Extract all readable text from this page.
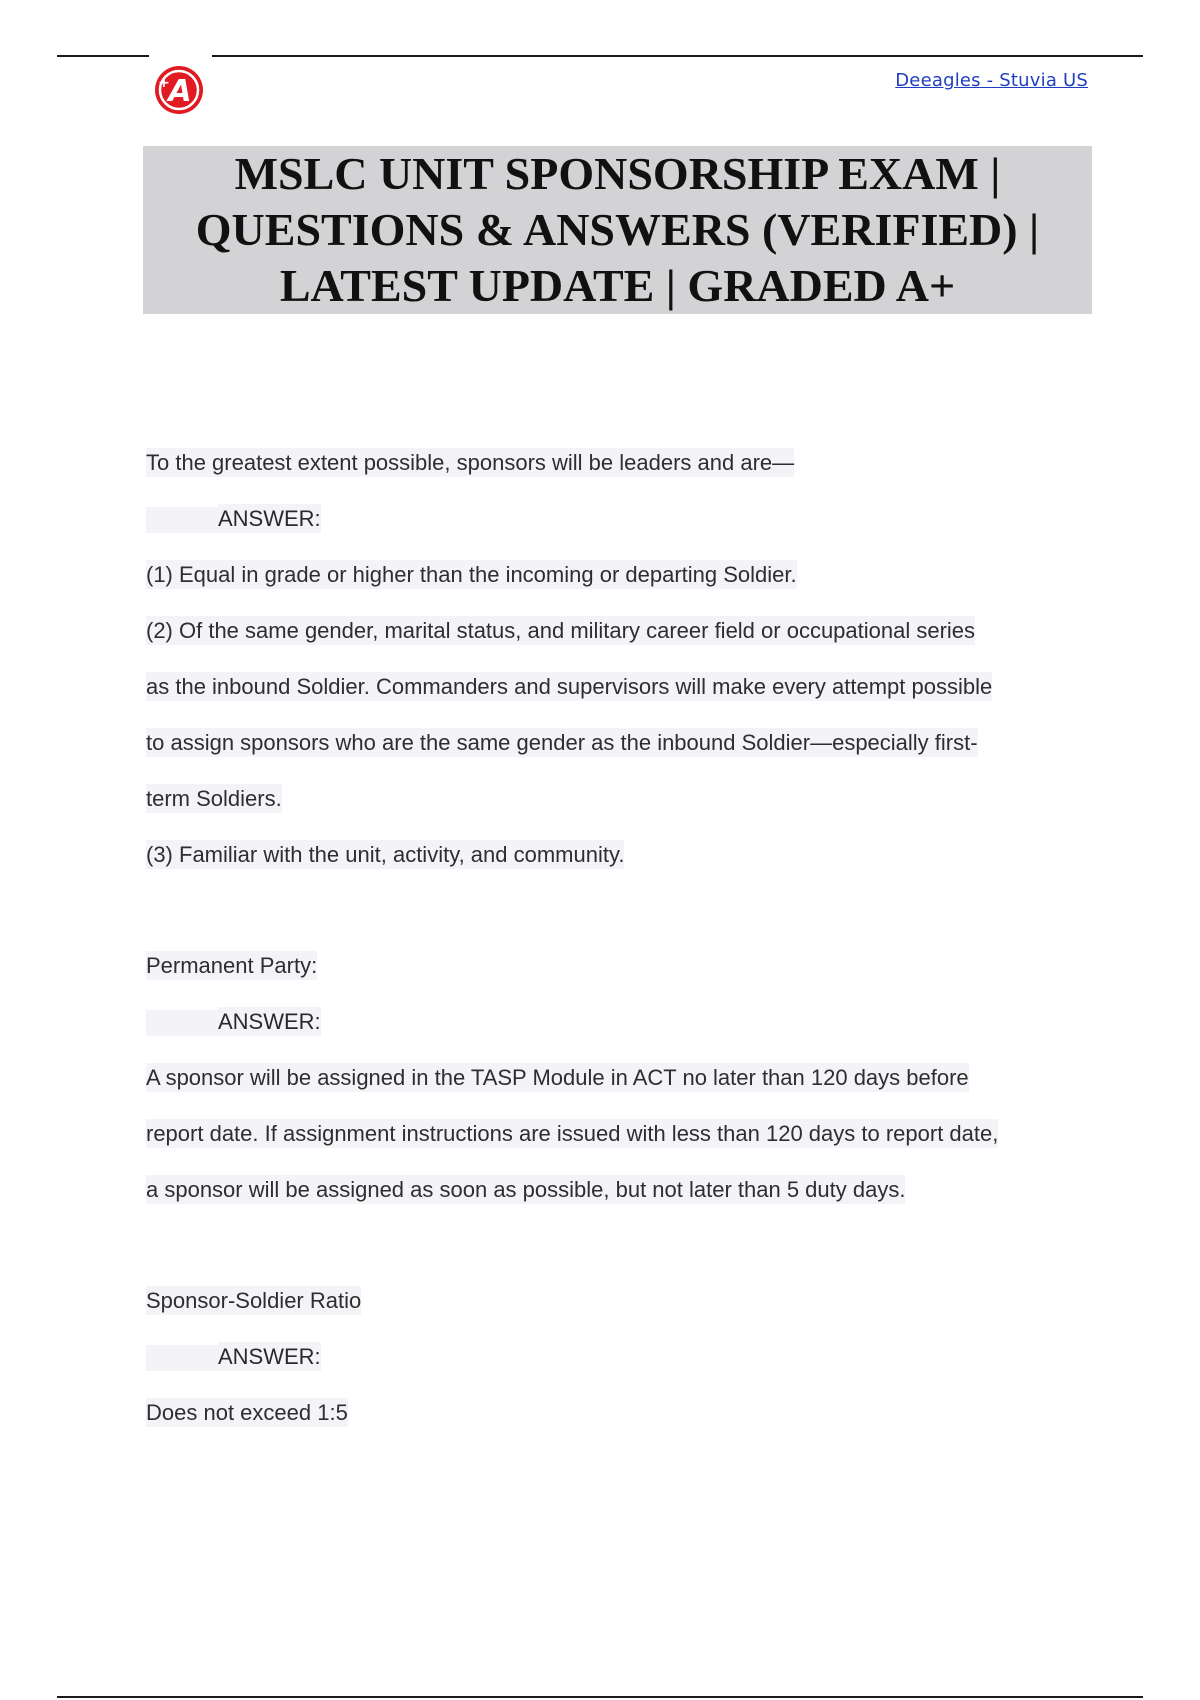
A
+	Deeagles - Stuvia US
MSLC UNIT SPONSORSHIP EXAM |
QUESTIONS & ANSWERS (VERIFIED) |
LATEST UPDATE | GRADED A+

To the greatest extent possible, sponsors will be leaders and are—

ANSWER:

(1) Equal in grade or higher than the incoming or departing Soldier.

(2) Of the same gender, marital status, and military career field or occupational series

as the inbound Soldier. Commanders and supervisors will make every attempt possible

to assign sponsors who are the same gender as the inbound Soldier—especially first-

term Soldiers.

(3) Familiar with the unit, activity, and community.

Permanent Party:

ANSWER:

A sponsor will be assigned in the TASP Module in ACT no later than 120 days before

report date. If assignment instructions are issued with less than 120 days to report date,

a sponsor will be assigned as soon as possible, but not later than 5 duty days.

Sponsor-Soldier Ratio

ANSWER:

Does not exceed 1:5
